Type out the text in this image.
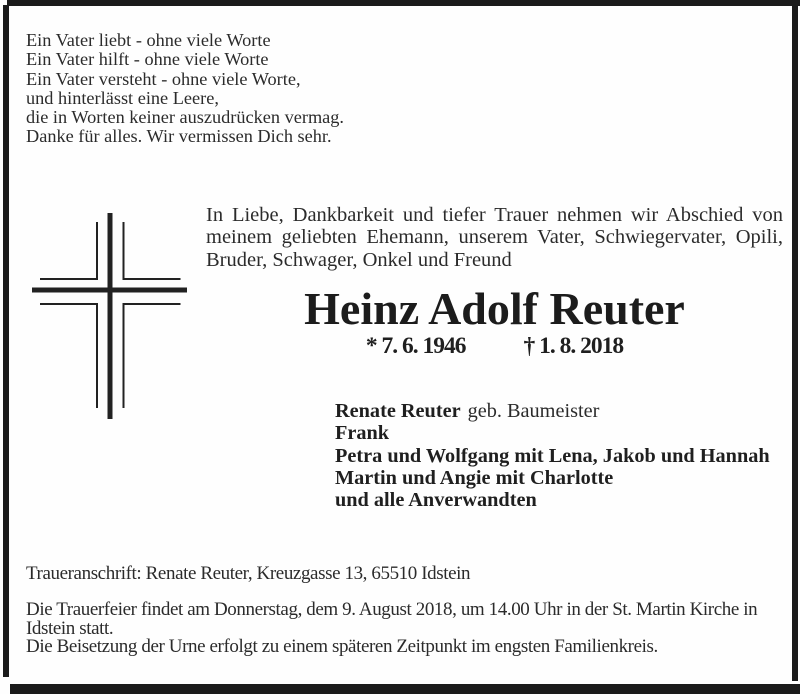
Ein Vater liebt - ohne viele Worte
Ein Vater hilft - ohne viele Worte
Ein Vater versteht - ohne viele Worte,
und hinterlässt eine Leere,
die in Worten keiner auszudrücken vermag.
Danke für alles. Wir vermissen Dich sehr.
In Liebe, Dankbarkeit und tiefer Trauer nehmen wir Abschied von
meinem geliebten Ehemann, unserem Vater, Schwiegervater, Opili,
Bruder, Schwager, Onkel und Freund
Heinz Adolf Reuter
* 7. 6. 1946 † 1. 8. 2018
Renate Reuter geb. Baumeister
Frank
Petra und Wolfgang mit Lena, Jakob und Hannah
Martin und Angie mit Charlotte
und alle Anverwandten
Traueranschrift: Renate Reuter, Kreuzgasse 13, 65510 Idstein
Die Trauerfeier findet am Donnerstag, dem 9. August 2018, um 14.00 Uhr in der St. Martin Kirche in
Idstein statt.
Die Beisetzung der Urne erfolgt zu einem späteren Zeitpunkt im engsten Familienkreis.
